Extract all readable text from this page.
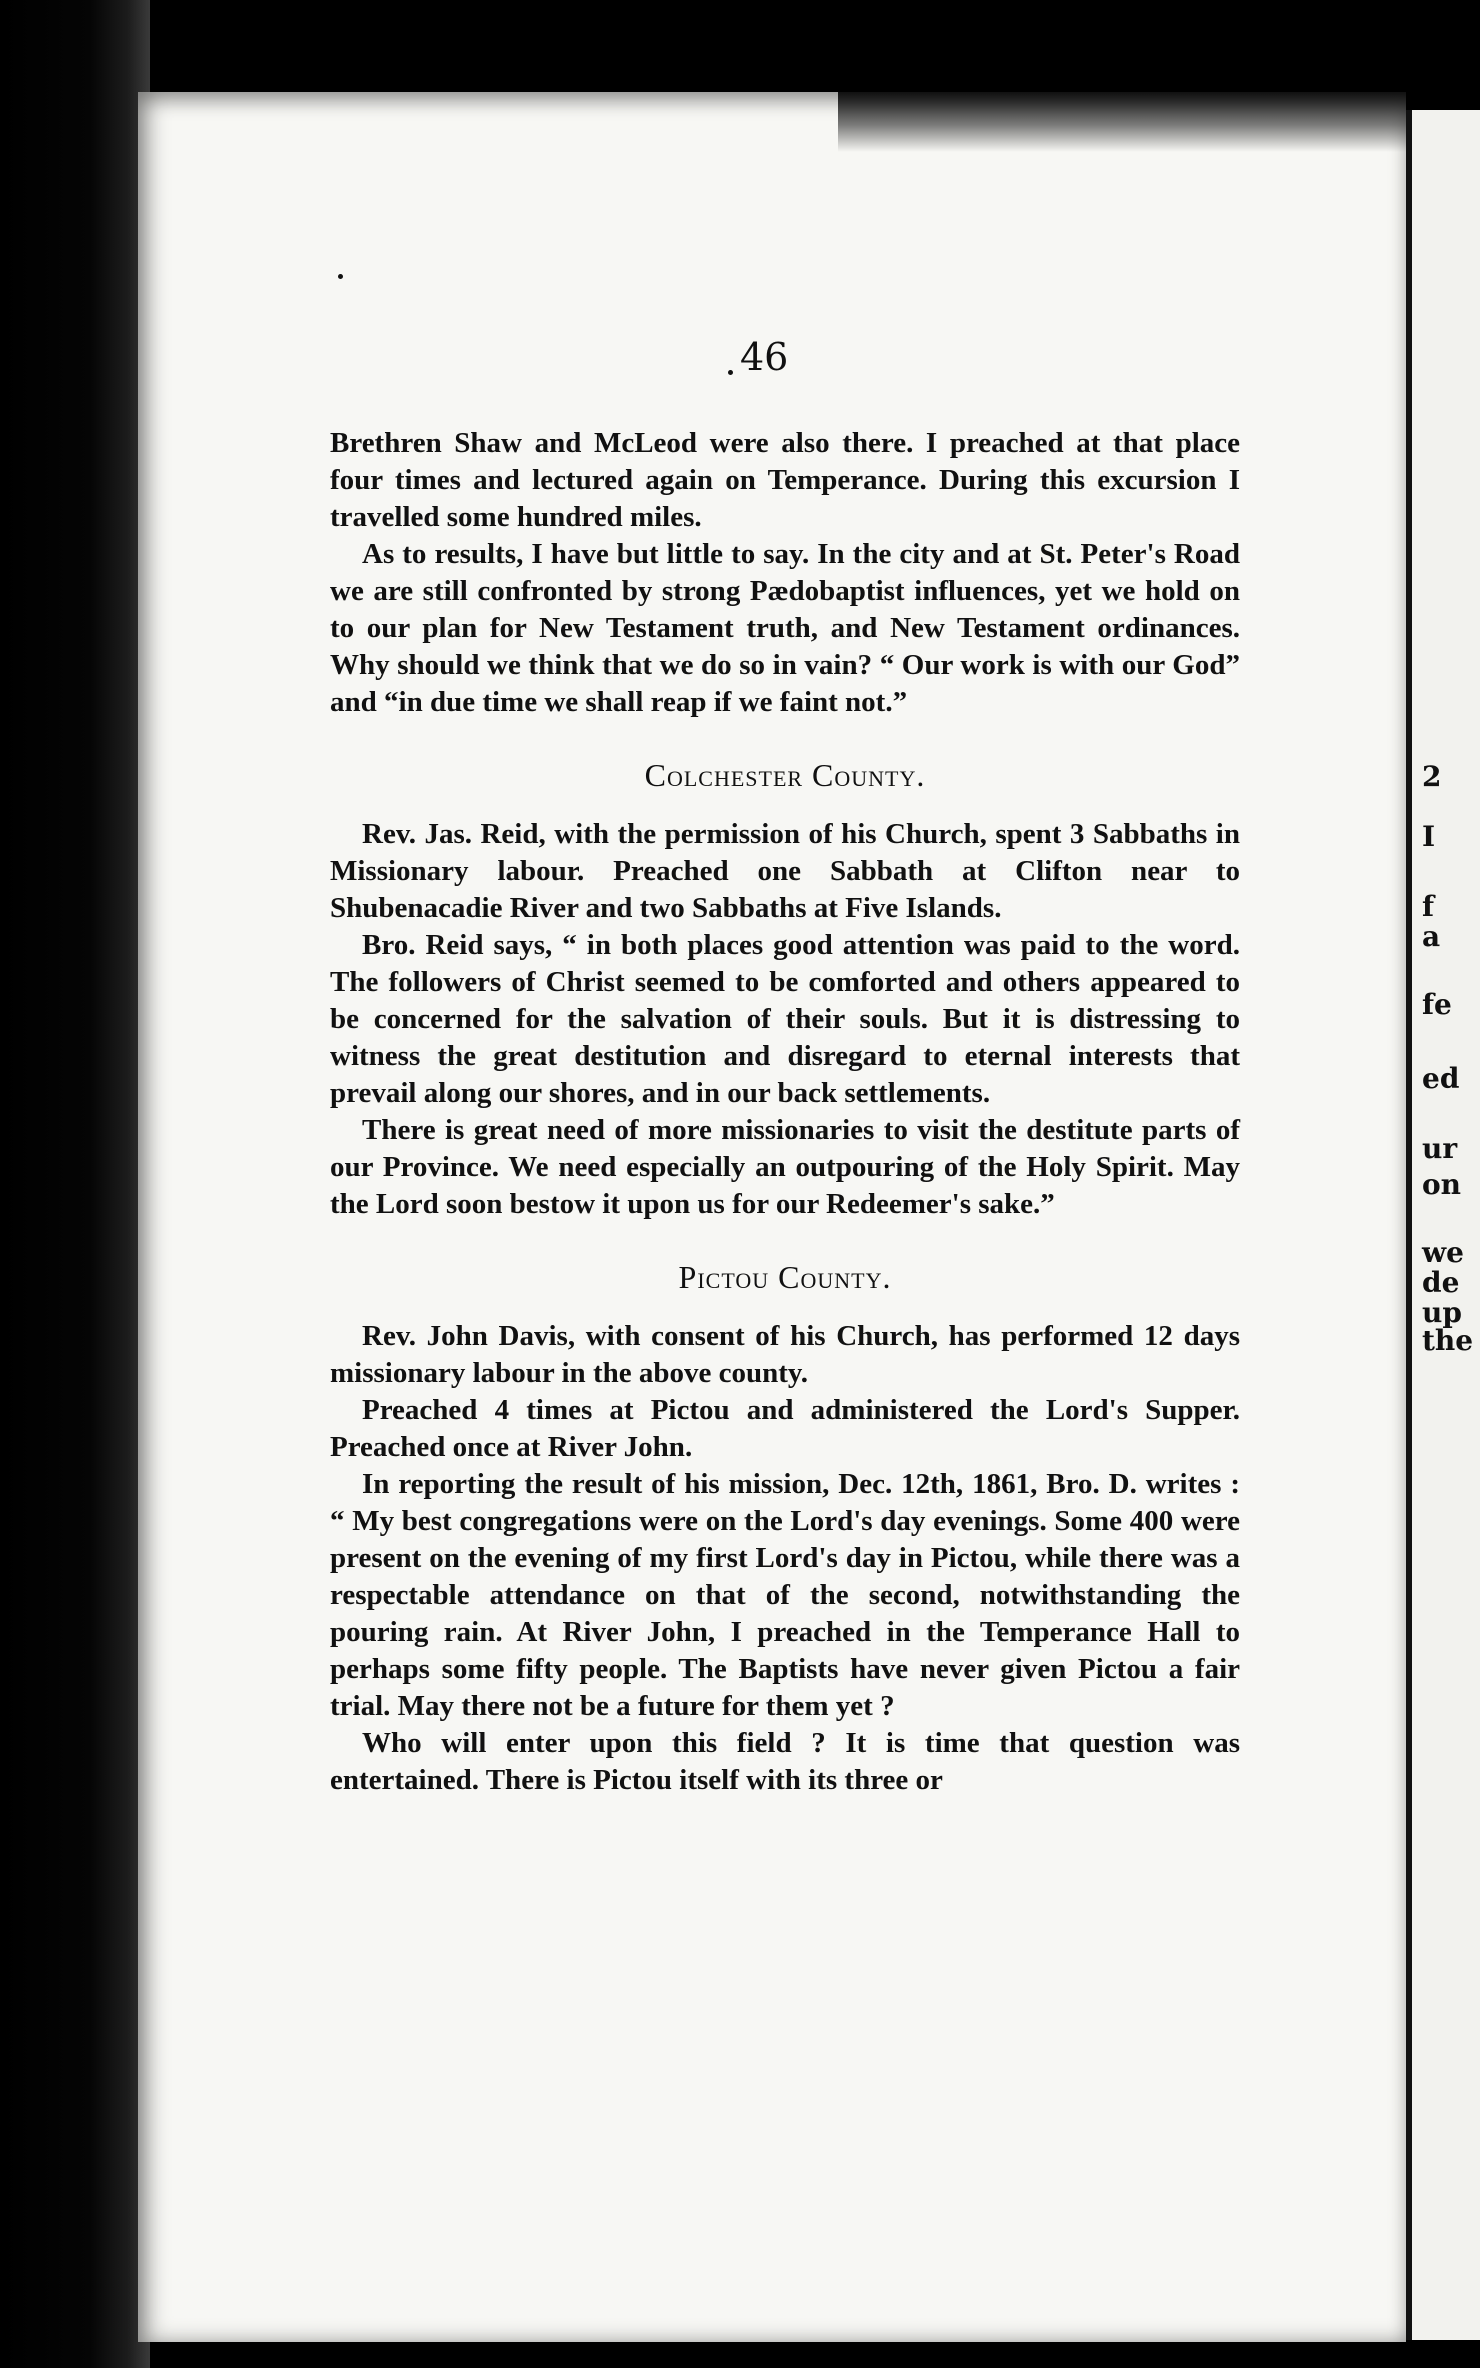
2
I
f
a
fe
ed
ur
on
we
de
up
the
46

Brethren Shaw and McLeod were also there. I preached at that place four times and lectured again on Temperance. During this excursion I travelled some hundred miles.

As to results, I have but little to say. In the city and at St. Peter's Road we are still confronted by strong Pædobaptist influences, yet we hold on to our plan for New Testament truth, and New Testament ordinances. Why should we think that we do so in vain? “ Our work is with our God” and “in due time we shall reap if we faint not.”

Colchester County.

Rev. Jas. Reid, with the permission of his Church, spent 3 Sabbaths in Missionary labour. Preached one Sabbath at Clifton near to Shubenacadie River and two Sabbaths at Five Islands.

Bro. Reid says, “ in both places good attention was paid to the word. The followers of Christ seemed to be comforted and others appeared to be concerned for the salvation of their souls. But it is distressing to witness the great destitution and disregard to eternal interests that prevail along our shores, and in our back settlements.

There is great need of more missionaries to visit the destitute parts of our Province. We need especially an outpouring of the Holy Spirit. May the Lord soon bestow it upon us for our Redeemer's sake.”

Pictou County.

Rev. John Davis, with consent of his Church, has performed 12 days missionary labour in the above county.

Preached 4 times at Pictou and administered the Lord's Supper. Preached once at River John.

In reporting the result of his mission, Dec. 12th, 1861, Bro. D. writes : “ My best congregations were on the Lord's day evenings. Some 400 were present on the evening of my first Lord's day in Pictou, while there was a respectable attendance on that of the second, notwithstanding the pouring rain. At River John, I preached in the Temperance Hall to perhaps some fifty people. The Baptists have never given Pictou a fair trial. May there not be a future for them yet ?

Who will enter upon this field ? It is time that question was entertained. There is Pictou itself with its three or
